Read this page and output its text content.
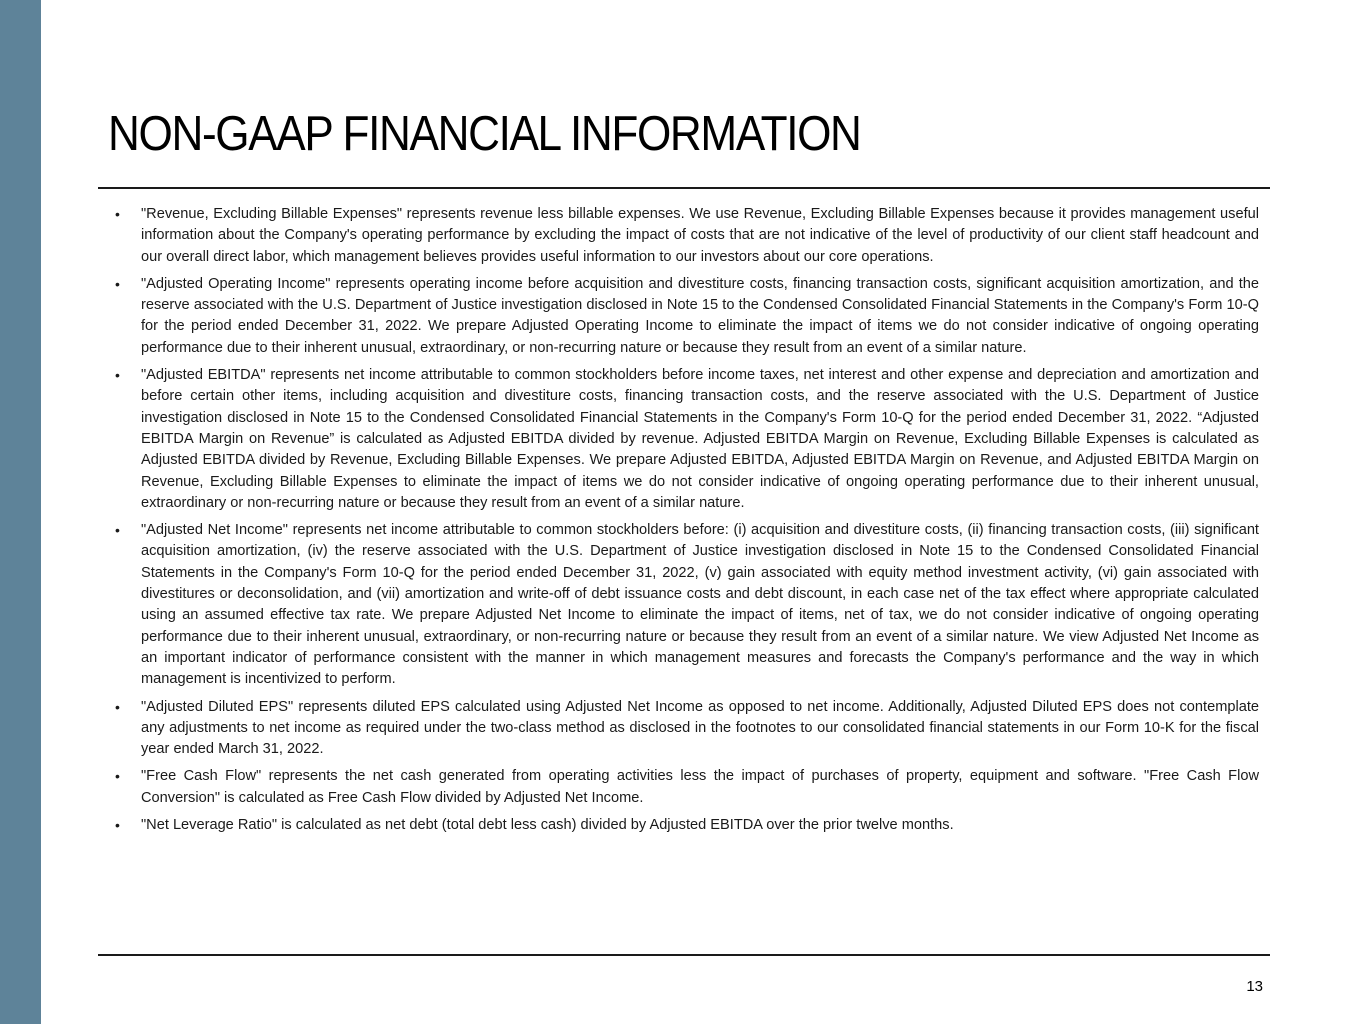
NON-GAAP FINANCIAL INFORMATION
• "Revenue, Excluding Billable Expenses" represents revenue less billable expenses. We use Revenue, Excluding Billable Expenses because it provides management useful information about the Company's operating performance by excluding the impact of costs that are not indicative of the level of productivity of our client staff headcount and our overall direct labor, which management believes provides useful information to our investors about our core operations.
• "Adjusted Operating Income" represents operating income before acquisition and divestiture costs, financing transaction costs, significant acquisition amortization, and the reserve associated with the U.S. Department of Justice investigation disclosed in Note 15 to the Condensed Consolidated Financial Statements in the Company's Form 10-Q for the period ended December 31, 2022. We prepare Adjusted Operating Income to eliminate the impact of items we do not consider indicative of ongoing operating performance due to their inherent unusual, extraordinary, or non-recurring nature or because they result from an event of a similar nature.
• "Adjusted EBITDA" represents net income attributable to common stockholders before income taxes, net interest and other expense and depreciation and amortization and before certain other items, including acquisition and divestiture costs, financing transaction costs, and the reserve associated with the U.S. Department of Justice investigation disclosed in Note 15 to the Condensed Consolidated Financial Statements in the Company's Form 10-Q for the period ended December 31, 2022. “Adjusted EBITDA Margin on Revenue” is calculated as Adjusted EBITDA divided by revenue. Adjusted EBITDA Margin on Revenue, Excluding Billable Expenses is calculated as Adjusted EBITDA divided by Revenue, Excluding Billable Expenses. We prepare Adjusted EBITDA, Adjusted EBITDA Margin on Revenue, and Adjusted EBITDA Margin on Revenue, Excluding Billable Expenses to eliminate the impact of items we do not consider indicative of ongoing operating performance due to their inherent unusual, extraordinary or non-recurring nature or because they result from an event of a similar nature.
• "Adjusted Net Income" represents net income attributable to common stockholders before: (i) acquisition and divestiture costs, (ii) financing transaction costs, (iii) significant acquisition amortization, (iv) the reserve associated with the U.S. Department of Justice investigation disclosed in Note 15 to the Condensed Consolidated Financial Statements in the Company's Form 10-Q for the period ended December 31, 2022, (v) gain associated with equity method investment activity, (vi) gain associated with divestitures or deconsolidation, and (vii) amortization and write-off of debt issuance costs and debt discount, in each case net of the tax effect where appropriate calculated using an assumed effective tax rate. We prepare Adjusted Net Income to eliminate the impact of items, net of tax, we do not consider indicative of ongoing operating performance due to their inherent unusual, extraordinary, or non-recurring nature or because they result from an event of a similar nature. We view Adjusted Net Income as an important indicator of performance consistent with the manner in which management measures and forecasts the Company's performance and the way in which management is incentivized to perform.
• "Adjusted Diluted EPS" represents diluted EPS calculated using Adjusted Net Income as opposed to net income. Additionally, Adjusted Diluted EPS does not contemplate any adjustments to net income as required under the two-class method as disclosed in the footnotes to our consolidated financial statements in our Form 10-K for the fiscal year ended March 31, 2022.
• "Free Cash Flow" represents the net cash generated from operating activities less the impact of purchases of property, equipment and software. "Free Cash Flow Conversion" is calculated as Free Cash Flow divided by Adjusted Net Income.
• "Net Leverage Ratio" is calculated as net debt (total debt less cash) divided by Adjusted EBITDA over the prior twelve months.
13
